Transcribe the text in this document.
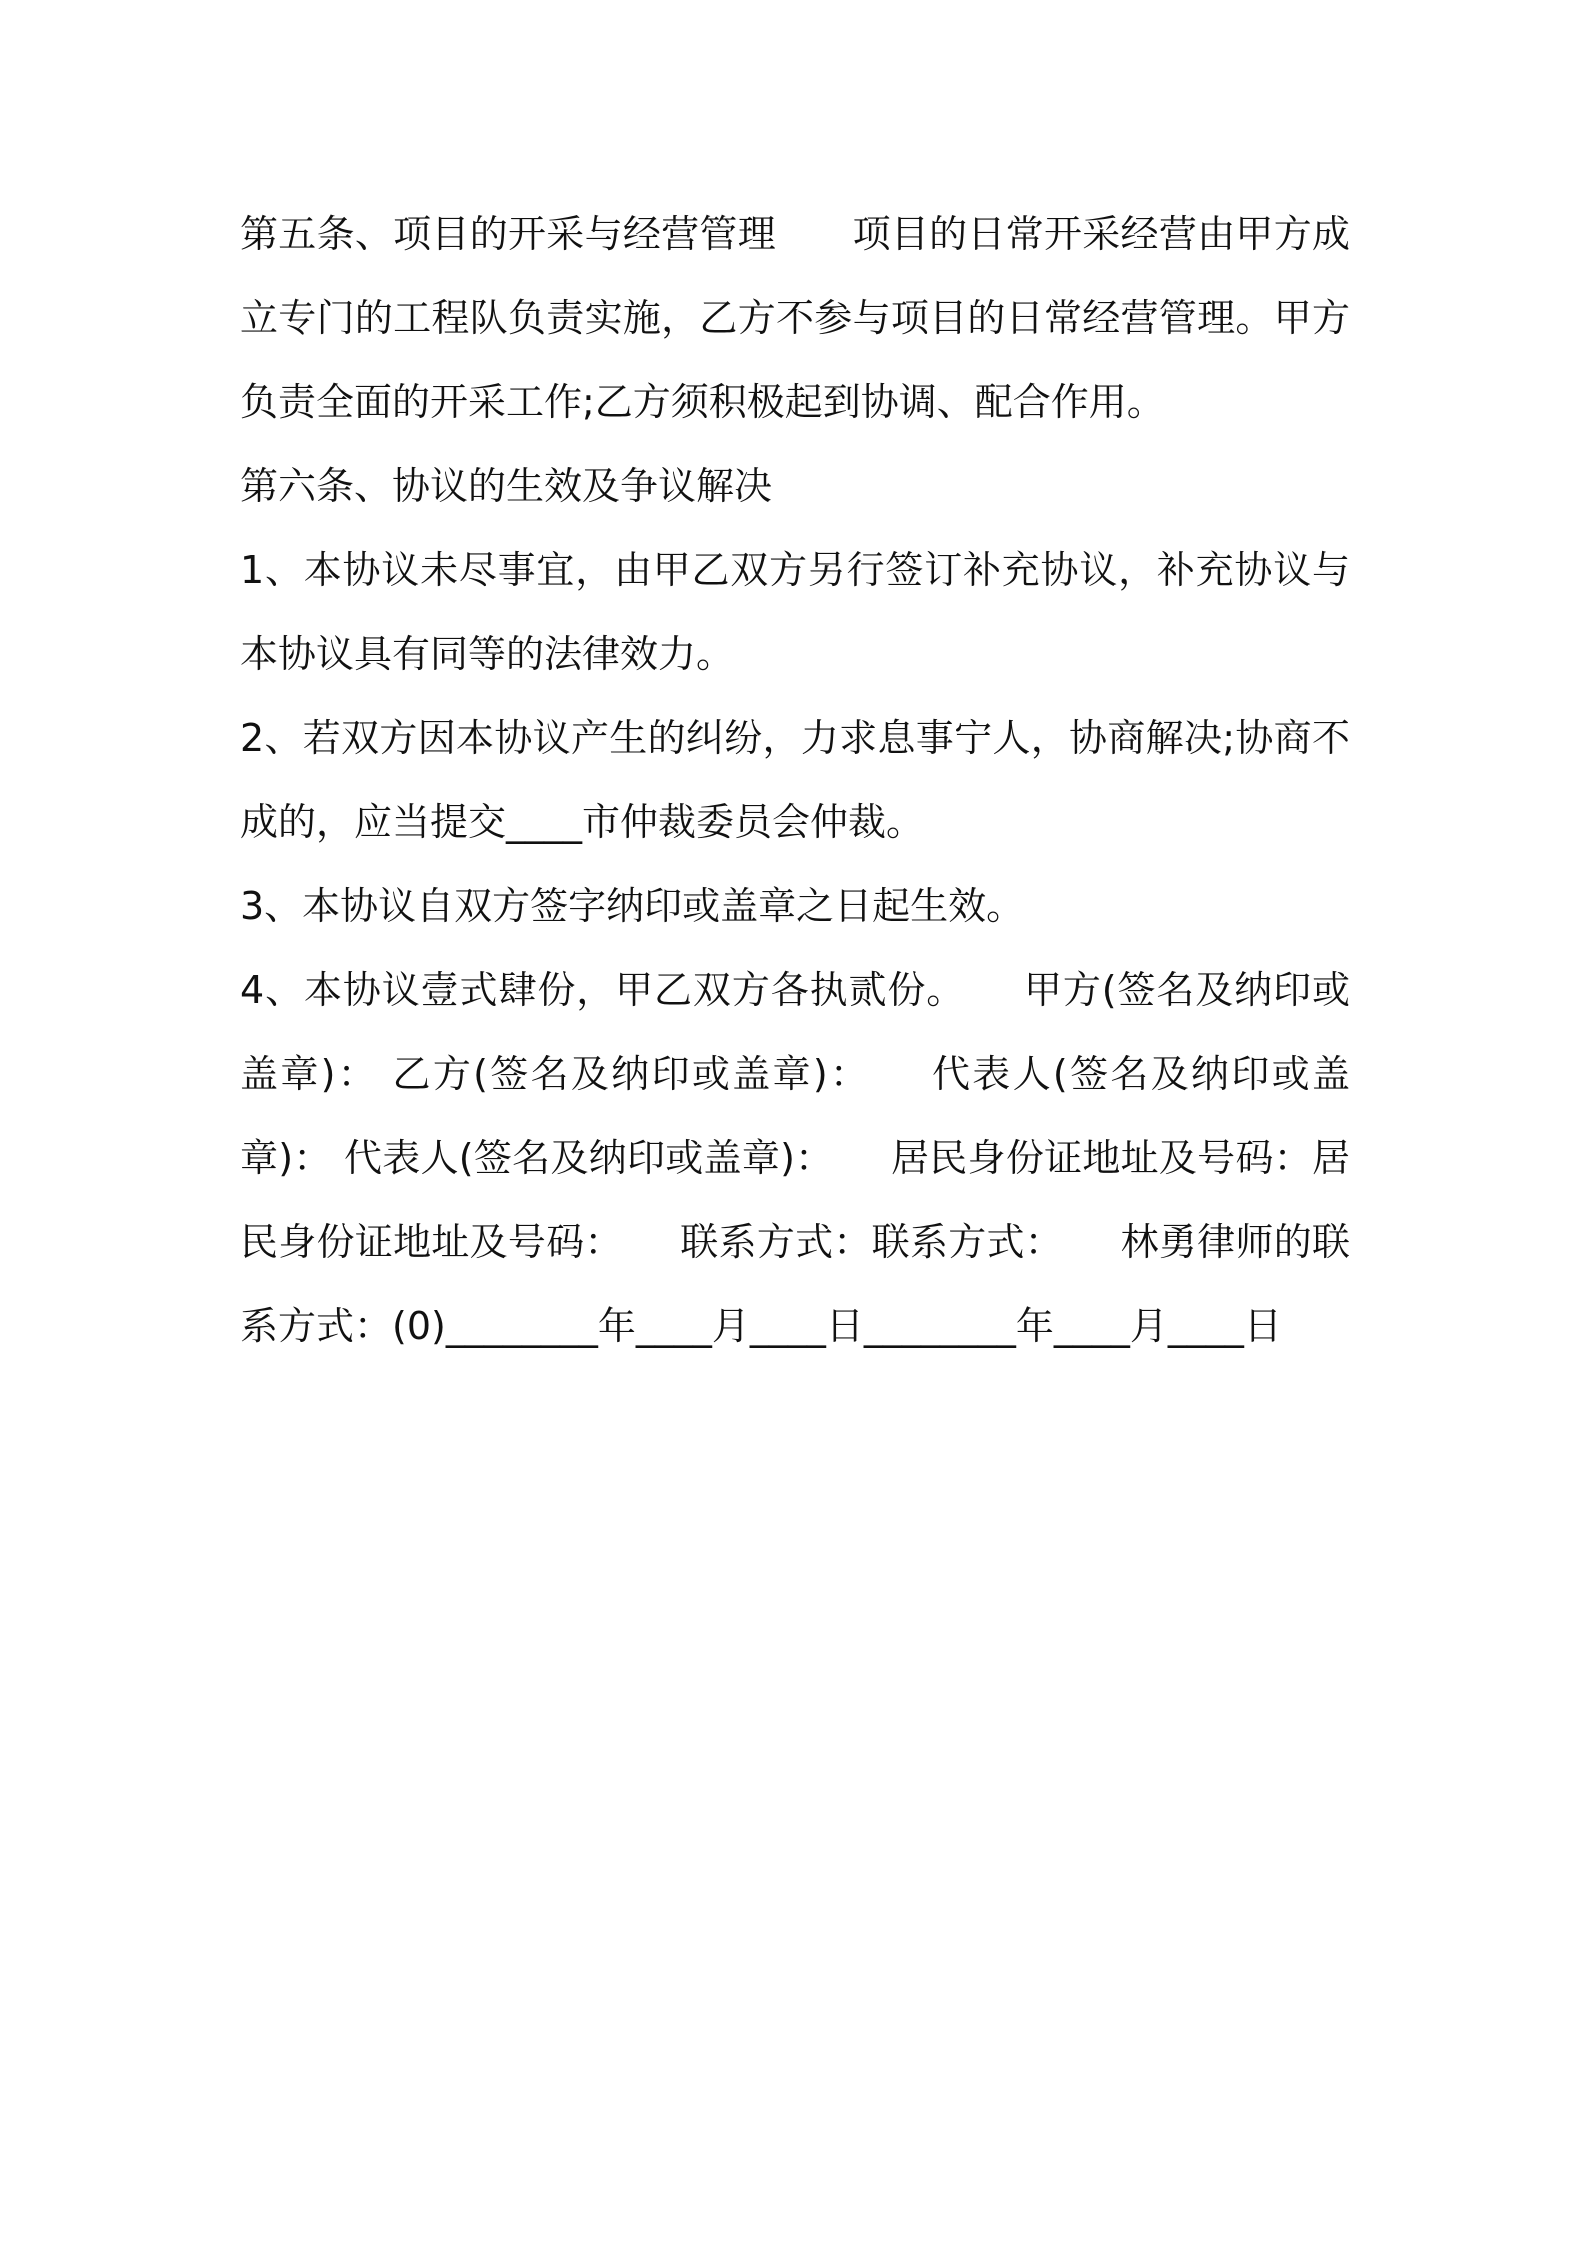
第五条、项目的开采与经营管理　　项目的日常开采经营由甲方成立专门的工程队负责实施，乙方不参与项目的日常经营管理。甲方负责全面的开采工作;乙方须积极起到协调、配合作用。

第六条、协议的生效及争议解决

1、本协议未尽事宜，由甲乙双方另行签订补充协议，补充协议与本协议具有同等的法律效力。

2、若双方因本协议产生的纠纷，力求息事宁人，协商解决;协商不成的，应当提交____市仲裁委员会仲裁。

3、本协议自双方签字纳印或盖章之日起生效。

4、本协议壹式肆份，甲乙双方各执贰份。　　甲方(签名及纳印或盖章)： 乙方(签名及纳印或盖章)：　　代表人(签名及纳印或盖章)： 代表人(签名及纳印或盖章)：　　居民身份证地址及号码：居民身份证地址及号码：　　联系方式：联系方式：　　林勇律师的联系方式：(0)________年____月____日________年____月____日
